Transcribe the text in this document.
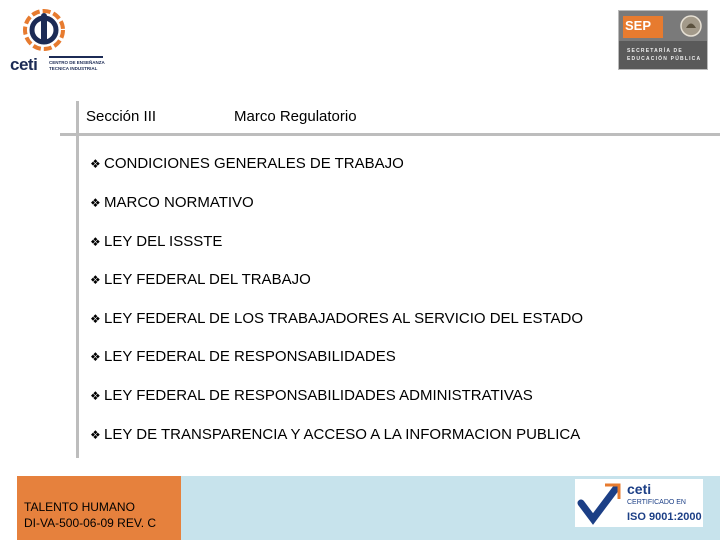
ceti	CENTRO DE ENSEÑANZA
TECNICA INDUSTRIAL
SEP
SECRETARÍA DE
EDUCACIÓN PÚBLICA
Sección III	Marco Regulatorio
❖ CONDICIONES GENERALES DE TRABAJO
❖ MARCO NORMATIVO
❖ LEY DEL ISSSTE
❖ LEY FEDERAL DEL TRABAJO
❖ LEY FEDERAL DE LOS TRABAJADORES AL SERVICIO DEL ESTADO
❖ LEY FEDERAL DE RESPONSABILIDADES
❖ LEY FEDERAL DE RESPONSABILIDADES ADMINISTRATIVAS
❖ LEY DE TRANSPARENCIA Y ACCESO A LA INFORMACION PUBLICA
TALENTO HUMANO
DI-VA-500-06-09 REV. C
ceti
CERTIFICADO EN
ISO 9001:2000
